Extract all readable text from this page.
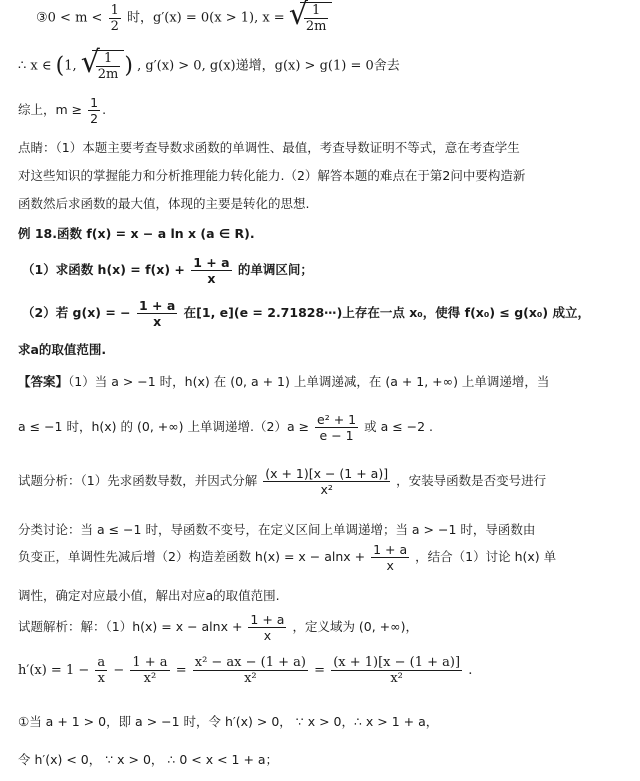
③0 < $m < \frac{1}{2}$ 时，g′(x) = 0(x > 1), x = √
$\frac{1}{2m}$
∴ x ∈ (1, √
$\frac{1}{2m}$ ) , g′(x) > 0, g(x)递增，g(x) > g(1) = 0舍去
综上，$m \ge \frac{1}{2}$ .
点睛：（1）本题主要考查导数求函数的单调性、最值，考查导数证明不等式，意在考查学生
对这些知识的掌握能力和分析推理能力转化能力.（2）解答本题的难点在于第2问中要构造新
函数然后求函数的最大值，体现的主要是转化的思想.
例 18.函数 f(x) = x − a ln x (a ∈ R).
（1）求函数 $h(x) = f(x) + \frac{1 + a}{x}$ 的单调区间；
（2）若 g(x) = − $\frac{1 + a}{x}$ 在[1, e](e = 2.71828⋯)上存在一点 x₀，使得 f(x₀) ≤ g(x₀) 成立，
求a的取值范围.
【答案】（1）当 a > −1 时，h(x) 在 (0, a + 1) 上单调递减，在 (a + 1, +∞) 上单调递增，当
a ≤ −1 时，h(x) 的 (0, +∞) 上单调递增$.(2)a \ge \frac{\text{e² + 1}}{e - 1}$ 或 a ≤ −2 .
试题分析：（1）先求函数导数，并因式分解 $\frac{(x + 1)[x - (1 + a)]}{\text{x²}}$ ，安装导函数是否变号进行
分类讨论：当 a ≤ −1 时，导函数不变号，在定义区间上单调递增；当 a > −1 时，导函数由
负变正，单调性先减后增（2）构造差函数 $h(x) = x - alnx + \frac{1 + a}{x}$ ，结合（1）讨论 h(x) 单
调性，确定对应最小值，解出对应a的取值范围.
试题解析：解：$(1)h(x) = x - alnx + \frac{1 + a}{x}$ ，定义域为 (0, +∞)，
$h'(x) = 1 - \frac{a}{x} - \frac{1 + a}{\text{x²}} = \frac{\text{x² − ax − (1 + a)}}{\text{x²}} = \frac{(x + 1)[x - (1 + a)]}{\text{x²}}$ .
①当 a + 1 > 0，即 a > −1 时，令 h′(x) > 0， ∵ x > 0，∴ x > 1 + a，
令 h′(x) < 0， ∵ x > 0， ∴ 0 < x < 1 + a；
